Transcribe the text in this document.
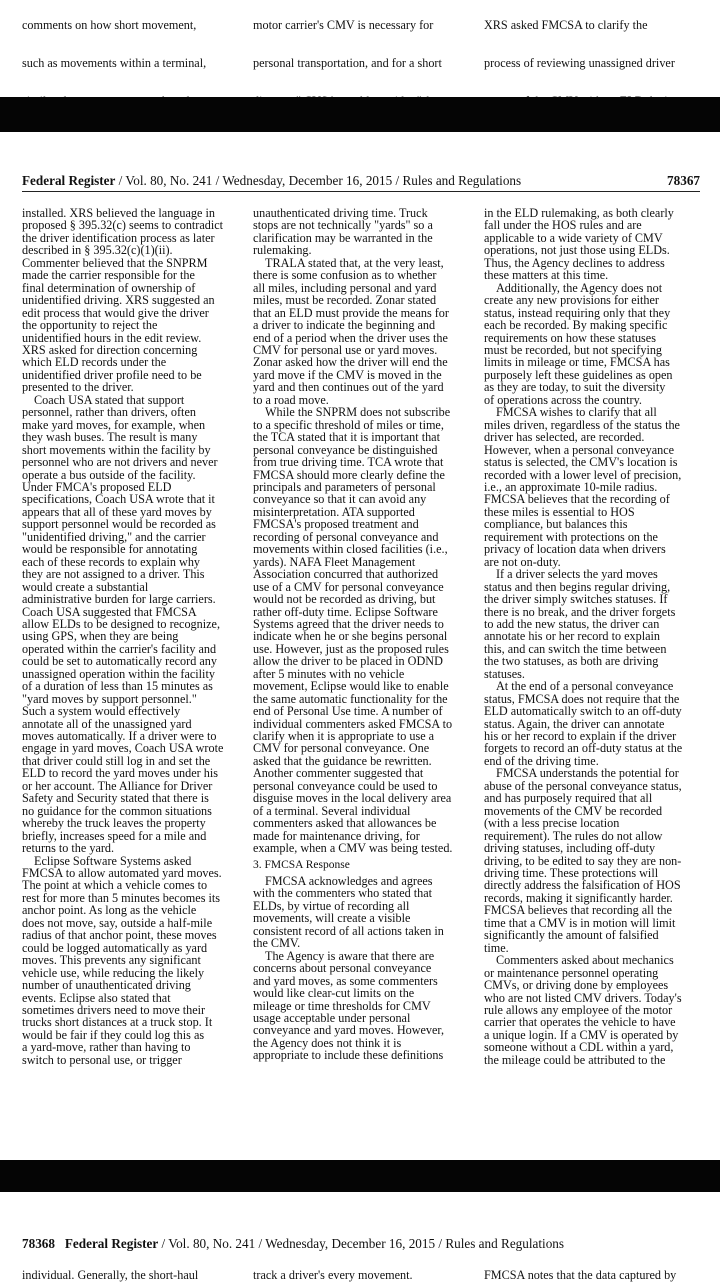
comments on how short movement,

such as movements within a terminal,

motor carrier's CMV is necessary for

personal transportation, and for a short

XRS asked FMCSA to clarify the

process of reviewing unassigned driver

Federal Register / Vol. 80, No. 241 / Wednesday, December 16, 2015 / Rules and Regulations	78367
installed. XRS believed the language in
proposed § 395.32(c) seems to contradict
the driver identification process as later
described in § 395.32(c)(1)(ii).
Commenter believed that the SNPRM
made the carrier responsible for the
final determination of ownership of
unidentified driving. XRS suggested an
edit process that would give the driver
the opportunity to reject the
unidentified hours in the edit review.
XRS asked for direction concerning
which ELD records under the
unidentified driver profile need to be
presented to the driver.
Coach USA stated that support
personnel, rather than drivers, often
make yard moves, for example, when
they wash buses. The result is many
short movements within the facility by
personnel who are not drivers and never
operate a bus outside of the facility.
Under FMCA's proposed ELD
specifications, Coach USA wrote that it
appears that all of these yard moves by
support personnel would be recorded as
"unidentified driving," and the carrier
would be responsible for annotating
each of these records to explain why
they are not assigned to a driver. This
would create a substantial
administrative burden for large carriers.
Coach USA suggested that FMCSA
allow ELDs to be designed to recognize,
using GPS, when they are being
operated within the carrier's facility and
could be set to automatically record any
unassigned operation within the facility
of a duration of less than 15 minutes as
"yard moves by support personnel."
Such a system would effectively
annotate all of the unassigned yard
moves automatically. If a driver were to
engage in yard moves, Coach USA wrote
that driver could still log in and set the
ELD to record the yard moves under his
or her account. The Alliance for Driver
Safety and Security stated that there is
no guidance for the common situations
whereby the truck leaves the property
briefly, increases speed for a mile and
returns to the yard.
Eclipse Software Systems asked
FMCSA to allow automated yard moves.
The point at which a vehicle comes to
rest for more than 5 minutes becomes its
anchor point. As long as the vehicle
does not move, say, outside a half-mile
radius of that anchor point, these moves
could be logged automatically as yard
moves. This prevents any significant
vehicle use, while reducing the likely
number of unauthenticated driving
events. Eclipse also stated that
sometimes drivers need to move their
trucks short distances at a truck stop. It
would be fair if they could log this as
a yard-move, rather than having to
switch to personal use, or trigger
unauthenticated driving time. Truck
stops are not technically "yards" so a
clarification may be warranted in the
rulemaking.
TRALA stated that, at the very least,
there is some confusion as to whether
all miles, including personal and yard
miles, must be recorded. Zonar stated
that an ELD must provide the means for
a driver to indicate the beginning and
end of a period when the driver uses the
CMV for personal use or yard moves.
Zonar asked how the driver will end the
yard move if the CMV is moved in the
yard and then continues out of the yard
to a road move.
While the SNPRM does not subscribe
to a specific threshold of miles or time,
the TCA stated that it is important that
personal conveyance be distinguished
from true driving time. TCA wrote that
FMCSA should more clearly define the
principals and parameters of personal
conveyance so that it can avoid any
misinterpretation. ATA supported
FMCSA's proposed treatment and
recording of personal conveyance and
movements within closed facilities (i.e.,
yards). NAFA Fleet Management
Association concurred that authorized
use of a CMV for personal conveyance
would not be recorded as driving, but
rather off-duty time. Eclipse Software
Systems agreed that the driver needs to
indicate when he or she begins personal
use. However, just as the proposed rules
allow the driver to be placed in ODND
after 5 minutes with no vehicle
movement, Eclipse would like to enable
the same automatic functionality for the
end of Personal Use time. A number of
individual commenters asked FMCSA to
clarify when it is appropriate to use a
CMV for personal conveyance. One
asked that the guidance be rewritten.
Another commenter suggested that
personal conveyance could be used to
disguise moves in the local delivery area
of a terminal. Several individual
commenters asked that allowances be
made for maintenance driving, for
example, when a CMV was being tested.
3. FMCSA Response
FMCSA acknowledges and agrees
with the commenters who stated that
ELDs, by virtue of recording all
movements, will create a visible
consistent record of all actions taken in
the CMV.
The Agency is aware that there are
concerns about personal conveyance
and yard moves, as some commenters
would like clear-cut limits on the
mileage or time thresholds for CMV
usage acceptable under personal
conveyance and yard moves. However,
the Agency does not think it is
appropriate to include these definitions
in the ELD rulemaking, as both clearly
fall under the HOS rules and are
applicable to a wide variety of CMV
operations, not just those using ELDs.
Thus, the Agency declines to address
these matters at this time.
Additionally, the Agency does not
create any new provisions for either
status, instead requiring only that they
each be recorded. By making specific
requirements on how these statuses
must be recorded, but not specifying
limits in mileage or time, FMCSA has
purposely left these guidelines as open
as they are today, to suit the diversity
of operations across the country.
FMCSA wishes to clarify that all
miles driven, regardless of the status the
driver has selected, are recorded.
However, when a personal conveyance
status is selected, the CMV's location is
recorded with a lower level of precision,
i.e., an approximate 10-mile radius.
FMCSA believes that the recording of
these miles is essential to HOS
compliance, but balances this
requirement with protections on the
privacy of location data when drivers
are not on-duty.
If a driver selects the yard moves
status and then begins regular driving,
the driver simply switches statuses. If
there is no break, and the driver forgets
to add the new status, the driver can
annotate his or her record to explain
this, and can switch the time between
the two statuses, as both are driving
statuses.
At the end of a personal conveyance
status, FMCSA does not require that the
ELD automatically switch to an off-duty
status. Again, the driver can annotate
his or her record to explain if the driver
forgets to record an off-duty status at the
end of the driving time.
FMCSA understands the potential for
abuse of the personal conveyance status,
and has purposely required that all
movements of the CMV be recorded
(with a less precise location
requirement). The rules do not allow
driving statuses, including off-duty
driving, to be edited to say they are non-
driving time. These protections will
directly address the falsification of HOS
records, making it significantly harder.
FMCSA believes that recording all the
time that a CMV is in motion will limit
significantly the amount of falsified
time.
Commenters asked about mechanics
or maintenance personnel operating
CMVs, or driving done by employees
who are not listed CMV drivers. Today's
rule allows any employee of the motor
carrier that operates the vehicle to have
a unique login. If a CMV is operated by
someone without a CDL within a yard,
the mileage could be attributed to the
78368 Federal Register / Vol. 80, No. 241 / Wednesday, December 16, 2015 / Rules and Regulations
individual. Generally, the short-haul	track a driver's every movement.	FMCSA notes that the data captured by
